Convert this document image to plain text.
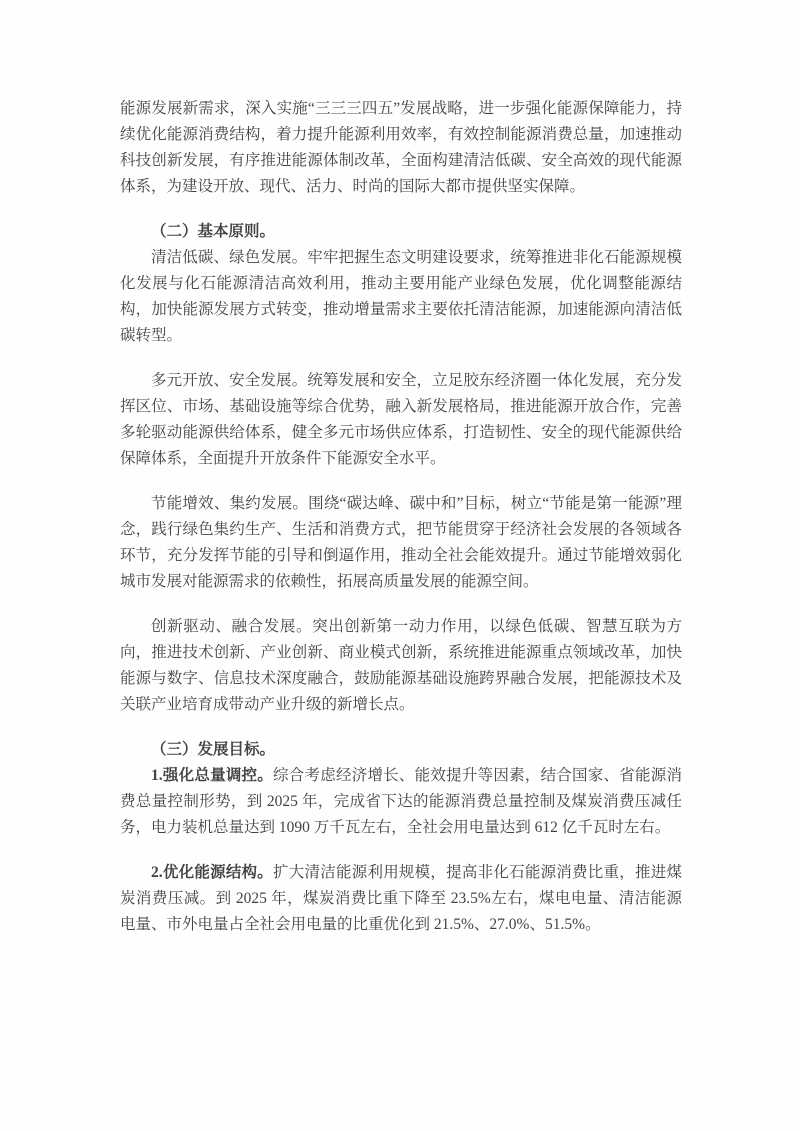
能源发展新需求，深入实施“三三三四五”发展战略，进一步强化能源保障能力，持续优化能源消费结构，着力提升能源利用效率，有效控制能源消费总量，加速推动科技创新发展，有序推进能源体制改革，全面构建清洁低碳、安全高效的现代能源体系，为建设开放、现代、活力、时尚的国际大都市提供坚实保障。

（二）基本原则。

清洁低碳、绿色发展。牢牢把握生态文明建设要求，统筹推进非化石能源规模化发展与化石能源清洁高效利用，推动主要用能产业绿色发展，优化调整能源结构，加快能源发展方式转变，推动增量需求主要依托清洁能源，加速能源向清洁低碳转型。

多元开放、安全发展。统筹发展和安全，立足胶东经济圈一体化发展，充分发挥区位、市场、基础设施等综合优势，融入新发展格局，推进能源开放合作，完善多轮驱动能源供给体系，健全多元市场供应体系，打造韧性、安全的现代能源供给保障体系，全面提升开放条件下能源安全水平。

节能增效、集约发展。围绕“碳达峰、碳中和”目标，树立“节能是第一能源”理念，践行绿色集约生产、生活和消费方式，把节能贯穿于经济社会发展的各领域各环节，充分发挥节能的引导和倒逼作用，推动全社会能效提升。通过节能增效弱化城市发展对能源需求的依赖性，拓展高质量发展的能源空间。

创新驱动、融合发展。突出创新第一动力作用，以绿色低碳、智慧互联为方向，推进技术创新、产业创新、商业模式创新，系统推进能源重点领域改革，加快能源与数字、信息技术深度融合，鼓励能源基础设施跨界融合发展，把能源技术及关联产业培育成带动产业升级的新增长点。

（三）发展目标。

1.强化总量调控。综合考虑经济增长、能效提升等因素，结合国家、省能源消费总量控制形势，到 2025 年，完成省下达的能源消费总量控制及煤炭消费压减任务，电力装机总量达到 1090 万千瓦左右，全社会用电量达到 612 亿千瓦时左右。

2.优化能源结构。扩大清洁能源利用规模，提高非化石能源消费比重，推进煤炭消费压减。到 2025 年，煤炭消费比重下降至 23.5%左右，煤电电量、清洁能源电量、市外电量占全社会用电量的比重优化到 21.5%、27.0%、51.5%。
